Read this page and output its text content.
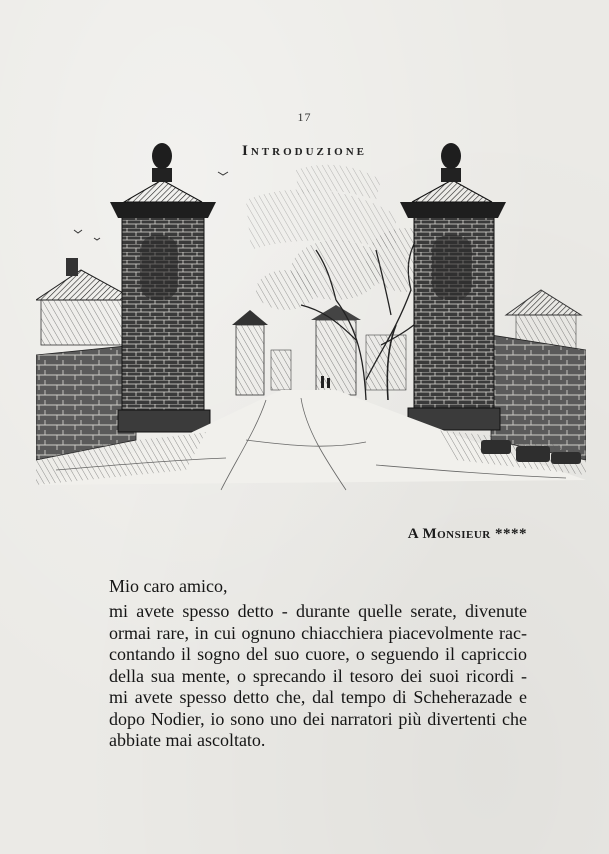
17
Introduzione
A Monsieur ****
Mio caro amico,
mi avete spesso detto - durante quelle serate, divenute
ormai rare, in cui ognuno chiacchiera piacevolmente rac-
contando il sogno del suo cuore, o seguendo il capriccio
della sua mente, o sprecando il tesoro dei suoi ricordi -
mi avete spesso detto che, dal tempo di Scheherazade e
dopo Nodier, io sono uno dei narratori più divertenti che
abbiate mai ascoltato.
